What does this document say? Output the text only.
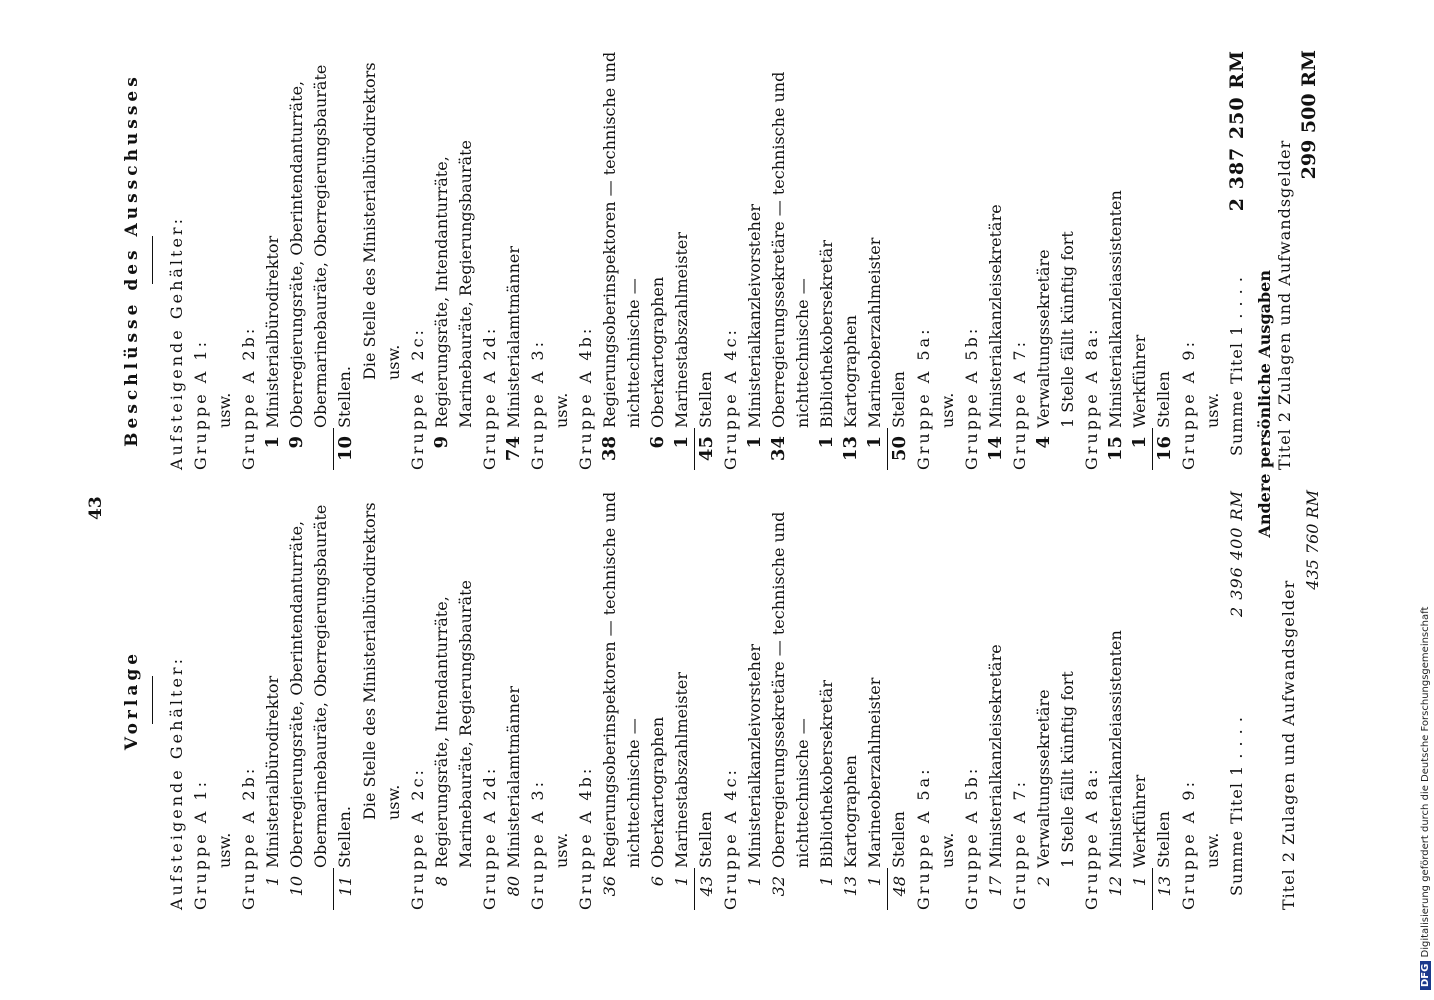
43
Vorlage Aufsteigende Gehälter: Gruppe A 1: usw. Gruppe A 2b: 1
Ministerialbürodirektor
10
Oberregierungsräte, Oberintendanturräte, Obermarinebauräte, Oberregierungsbauräte
11
Stellen.
Die Stelle des Ministerialbürodirektors usw. Gruppe A 2c: 8
Regierungsräte, Intendanturräte, Marinebauräte, Regierungsbauräte Gruppe A 2d: 80
Ministerialamtmänner Gruppe A 3: usw. Gruppe A 4b: 36
Regierungsoberinspektoren — technische und nichttechnische —
6
Oberkartographen
1
Marinestabszahlmeister
43
Stellen Gruppe A 4c: 1
Ministerialkanzleivorsteher
32
Oberregierungssekretäre — technische und nichttechnische —
1
Bibliothekobersekretär
13
Kartographen
1
Marineoberzahlmeister
48
Stellen Gruppe A 5a: usw. Gruppe A 5b: 17
Ministerialkanzleisekretäre Gruppe A 7: 2
Verwaltungssekretäre 1 Stelle fällt künftig fort Gruppe A 8a: 12
Ministerialkanzleiassistenten
1
Werkführer
13
Stellen Gruppe A 9: usw. Summe Titel 1 . . . .
2 396 400 RM
Andere persönliche Ausgaben
Titel 2 Zulagen und Aufwandsgelder
435 760 RM
Beschlüsse des Ausschusses Aufsteigende Gehälter: Gruppe A 1: usw. Gruppe A 2b: 1
Ministerialbürodirektor
9
Oberregierungsräte, Oberintendanturräte, Obermarinebauräte, Oberregierungsbauräte
10
Stellen.
Die Stelle des Ministerialbürodirektors usw. Gruppe A 2c: 9
Regierungsräte, Intendanturräte, Marinebauräte, Regierungsbauräte Gruppe A 2d: 74
Ministerialamtmänner Gruppe A 3: usw. Gruppe A 4b: 38
Regierungsoberinspektoren — technische und nichttechnische —
6
Oberkartographen
1
Marinestabszahlmeister
45
Stellen Gruppe A 4c: 1
Ministerialkanzleivorsteher
34
Oberregierungssekretäre — technische und nichttechnische —
1
Bibliothekobersekretär
13
Kartographen
1
Marineoberzahlmeister
50
Stellen Gruppe A 5a: usw. Gruppe A 5b: 14
Ministerialkanzleisekretäre Gruppe A 7: 4
Verwaltungssekretäre 1 Stelle fällt künftig fort Gruppe A 8a: 15
Ministerialkanzleiassistenten
1
Werkführer
16
Stellen Gruppe A 9: usw. Summe Titel 1 . . . .
2 387 250 RM
Titel 2 Zulagen und Aufwandsgelder
299 500 RM
DFG Digitalisierung gefördert durch die Deutsche Forschungsgemeinschaft
